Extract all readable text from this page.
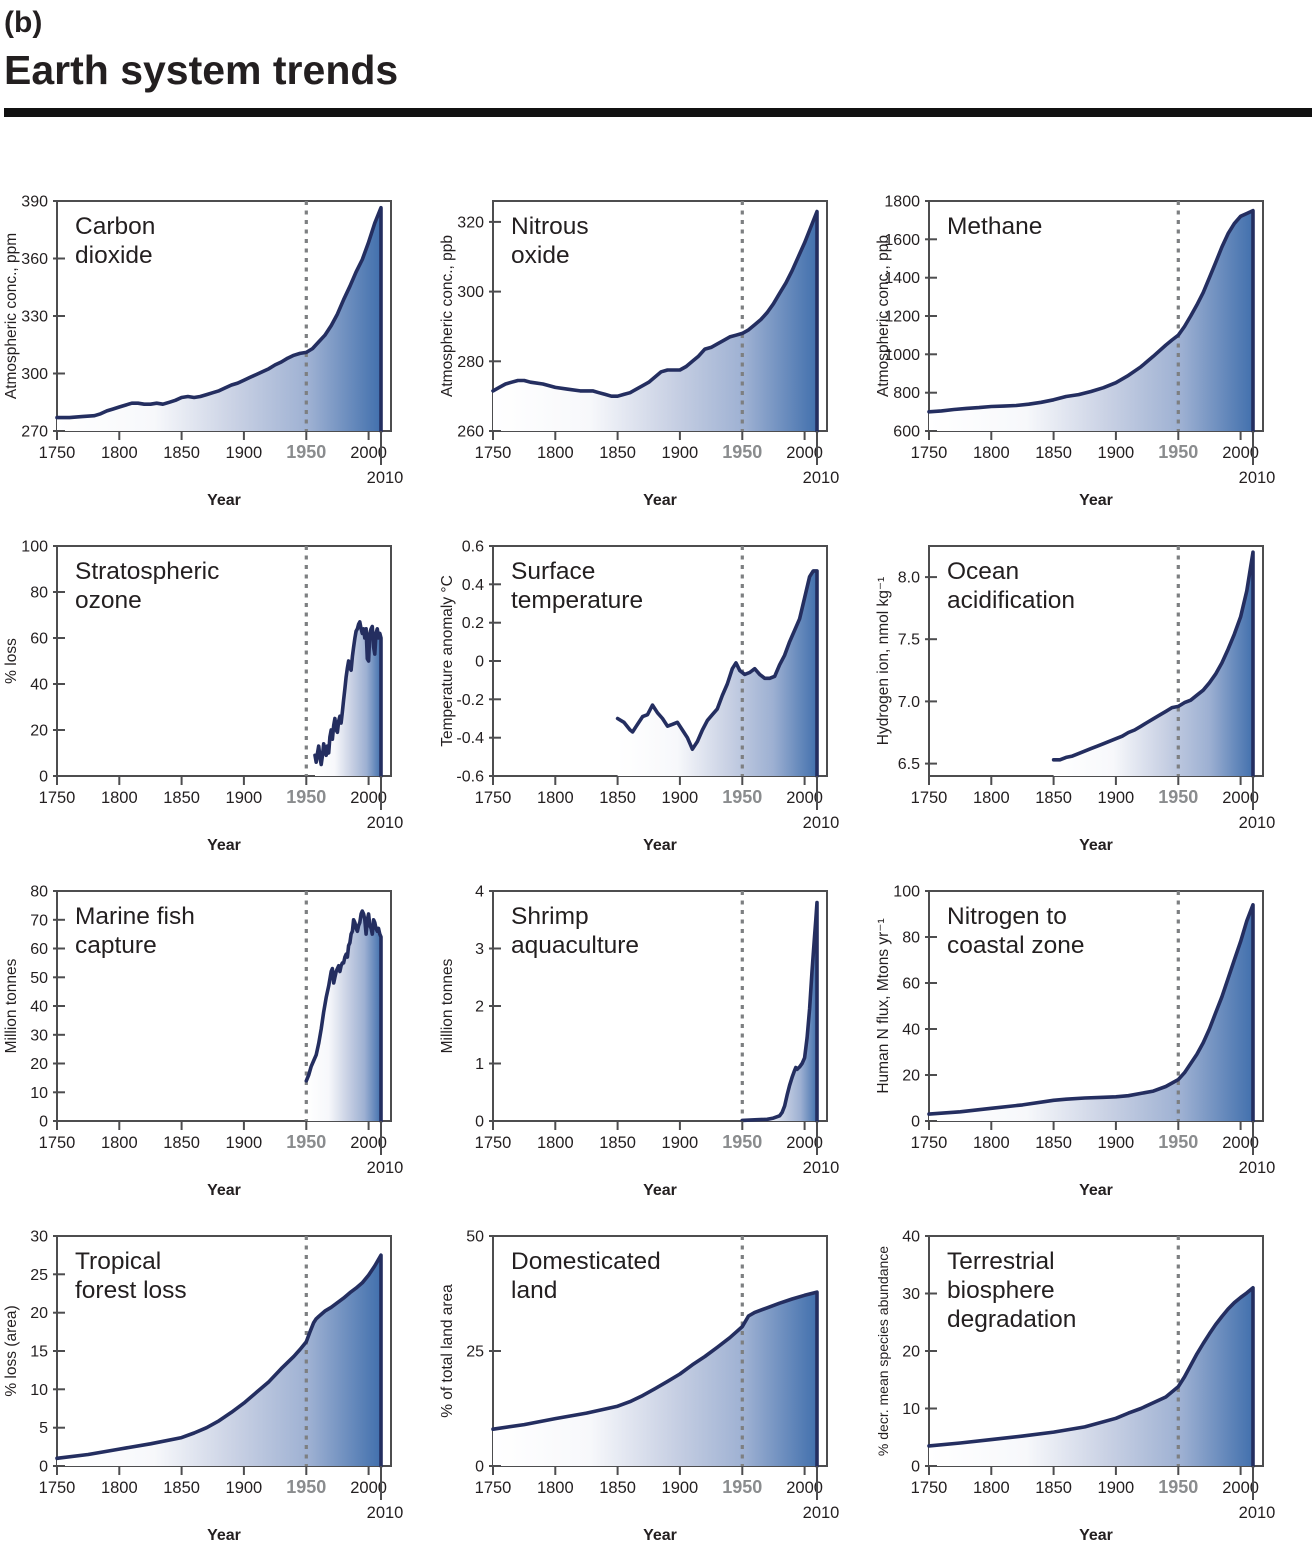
(b)
Earth system trends
270
300
330
360
390
1750 1800 1850 1900 1950 2000
2010
Year
Atmospheric conc., ppm
Carbon
dioxide
260
280
300
320
1750 1800 1850 1900 1950 2000
2010
Year
Atmospheric conc., ppb
Nitrous
oxide
600
800
1000
1200
1400
1600
1800
1750 1800 1850 1900 1950 2000
2010
Year
Atmospheric conc., ppb
Methane
0
20
40
60
80
100
1750 1800 1850 1900 1950 2000
2010
Year
% loss
Stratospheric
ozone
-0.6
-0.4
-0.2
0
0.2
0.4
0.6
1750 1800 1850 1900 1950 2000
2010
Year
Temperature anomaly °C
Surface
temperature
6.5
7.0
7.5
8.0
1750 1800 1850 1900 1950 2000
2010
Year
Hydrogen ion, nmol kg⁻¹
Ocean
acidification
0
10
20
30
40
50
60
70
80
1750 1800 1850 1900 1950 2000
2010
Year
Million tonnes
Marine fish
capture
0
1
2
3
4
1750 1800 1850 1900 1950 2000
2010
Year
Million tonnes
Shrimp
aquaculture
0
20
40
60
80
100
1750 1800 1850 1900 1950 2000
2010
Year
Human N flux, Mtons yr⁻¹
Nitrogen to
coastal zone
0
5
10
15
20
25
30
1750 1800 1850 1900 1950 2000
2010
Year
% loss (area)
Tropical
forest loss
0
25
50
1750 1800 1850 1900 1950 2000
2010
Year
% of total land area
Domesticated
land
0
10
20
30
40
1750 1800 1850 1900 1950 2000
2010
Year
% decr. mean species abundance Terrestrial
biosphere
degradation
